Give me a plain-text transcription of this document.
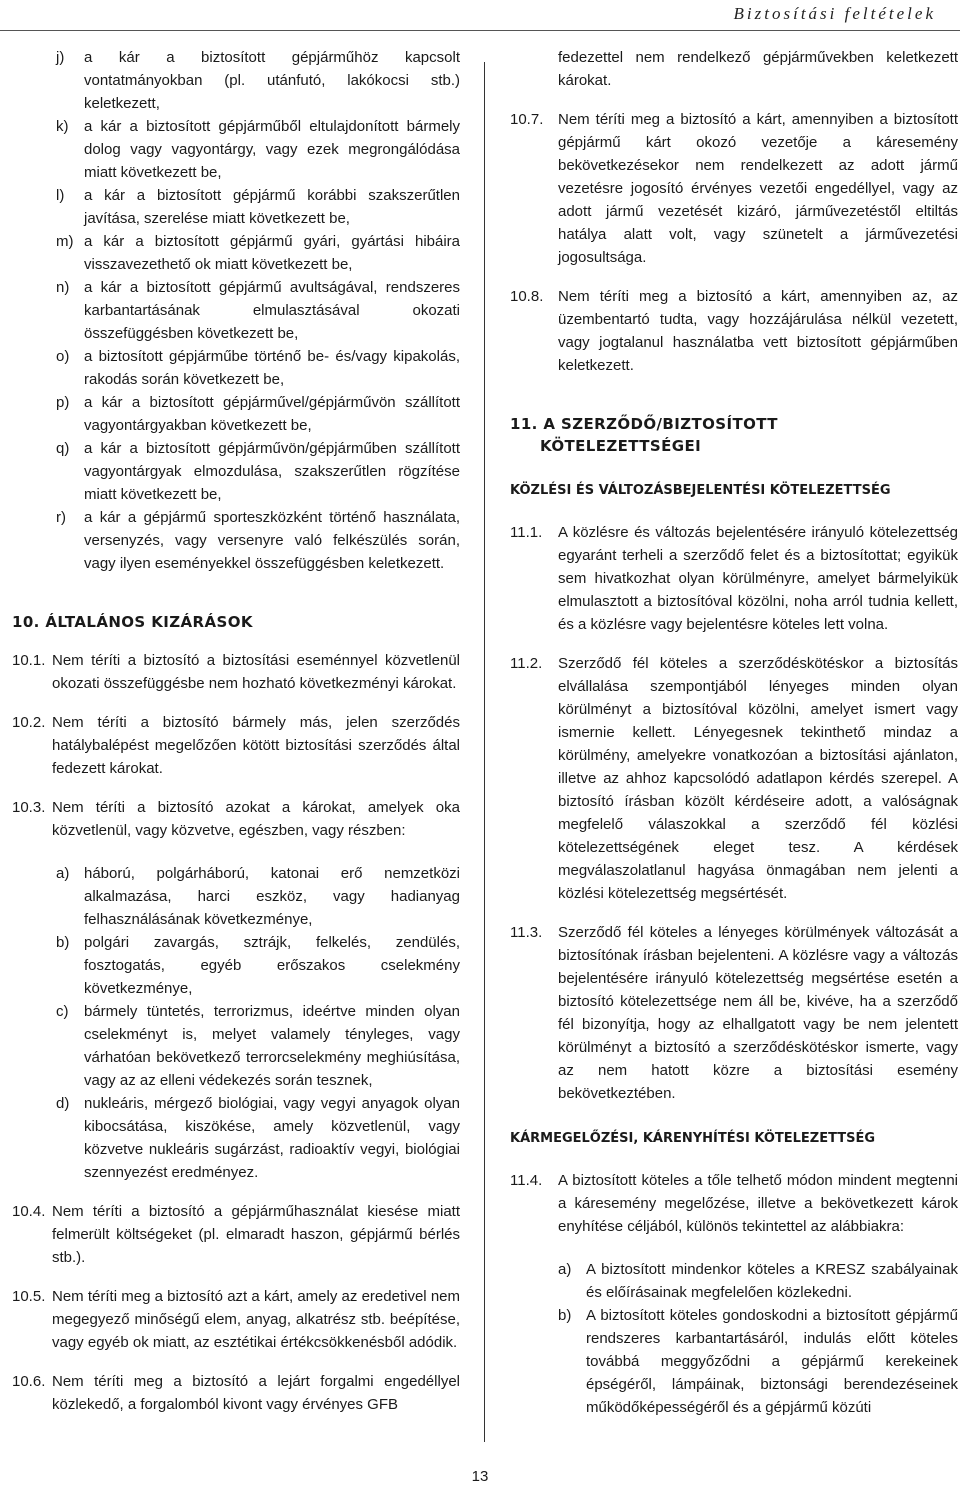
Biztosítási feltételek
j)	a kár a biztosított gépjárműhöz kapcsolt vontatmányokban (pl. utánfutó, lakókocsi stb.) keletkezett,
k)	a kár a biztosított gépjárműből eltulajdonított bármely dolog vagy vagyontárgy, vagy ezek megrongálódása miatt következett be,
l)	a kár a biztosított gépjármű korábbi szakszerűtlen javítása, szerelése miatt következett be,
m) a kár a biztosított gépjármű gyári, gyártási hibáira visszavezethető ok miatt következett be,
n) a kár a biztosított gépjármű avultságával, rendszeres karbantartásának elmulasztásával okozati összefüggésben következett be,
o) a biztosított gépjárműbe történő be- és/vagy kipakolás, rakodás során következett be,
p) a kár a biztosított gépjárművel/gépjárművön szállított vagyontárgyakban következett be,
q) a kár a biztosított gépjárművön/gépjárműben szállított vagyontárgyak elmozdulása, szakszerűtlen rögzítése miatt következett be,
r)	a kár a gépjármű sporteszközként történő használata, versenyzés, vagy versenyre való felkészülés során, vagy ilyen eseményekkel összefüggésben keletkezett.
10. ÁLTALÁNOS KIZÁRÁSOK
10.1. Nem téríti a biztosító a biztosítási eseménnyel közvetlenül okozati összefüggésbe nem hozható következményi károkat.
10.2. Nem téríti a biztosító bármely más, jelen szerződés hatálybalépést megelőzően kötött biztosítási szerződés által fedezett károkat.
10.3. Nem téríti a biztosító azokat a károkat, amelyek oka közvetlenül, vagy közvetve, egészben, vagy részben:
a) háború, polgárháború, katonai erő nemzetközi alkalmazása, harci eszköz, vagy hadianyag felhasználásának következménye,
b) polgári zavargás, sztrájk, felkelés, zendülés, fosztogatás, egyéb erőszakos cselekmény következménye,
c)	bármely tüntetés, terrorizmus, ideértve minden olyan cselekményt is, melyet valamely tényleges, vagy várhatóan bekövetkező terrorcselekmény meghiúsítása, vagy az az elleni védekezés során tesznek,
d) nukleáris, mérgező biológiai, vagy vegyi anyagok olyan kibocsátása, kiszökése, amely közvetlenül, vagy közvetve nukleáris sugárzást, radioaktív vegyi, biológiai szennyezést eredményez.
10.4. Nem téríti a biztosító a gépjárműhasználat kiesése miatt felmerült költségeket (pl. elmaradt haszon, gépjármű bérlés stb.).
10.5. Nem téríti meg a biztosító azt a kárt, amely az eredetivel nem megegyező minőségű elem, anyag, alkatrész stb. beépítése, vagy egyéb ok miatt, az esztétikai értékcsökkenésből adódik.
10.6. Nem téríti meg a biztosító a lejárt forgalmi engedéllyel közlekedő, a forgalomból kivont vagy érvényes GFB
fedezettel nem rendelkező gépjárművekben keletkezett károkat.
10.7. Nem téríti meg a biztosító a kárt, amennyiben a biztosított gépjármű kárt okozó vezetője a káresemény bekövetkezésekor nem rendelkezett az adott jármű vezetésre jogosító érvényes vezetői engedéllyel, vagy az adott jármű vezetését kizáró, járművezetéstől eltiltás hatálya alatt volt, vagy szünetelt a járművezetési jogosultsága.
10.8. Nem téríti meg a biztosító a kárt, amennyiben az, az üzembentartó tudta, vagy hozzájárulása nélkül vezetett, vagy jogtalanul használatba vett biztosított gépjárműben keletkezett.
11. A SZERZŐDŐ/BIZTOSÍTOTT
KÖTELEZETTSÉGEI
KÖZLÉSI ÉS VÁLTOZÁSBEJELENTÉSI KÖTELEZETTSÉG
11.1.	A közlésre és változás bejelentésére irányuló kötelezettség egyaránt terheli a szerződő felet és a biztosítottat; egyikük sem hivatkozhat olyan körülményre, amelyet bármelyikük elmulasztott a biztosítóval közölni, noha arról tudnia kellett, és a közlésre vagy bejelentésre köteles lett volna.
11.2.	Szerződő fél köteles a szerződéskötéskor a biztosítás elvállalása szempontjából lényeges minden olyan körülményt a biztosítóval közölni, amelyet ismert vagy ismernie kellett. Lényegesnek tekinthető mindaz a körülmény, amelyekre vonatkozóan a biztosítási ajánlaton, illetve az ahhoz kapcsolódó adatlapon kérdés szerepel. A biztosító írásban közölt kérdéseire adott, a valóságnak megfelelő válaszokkal a szerződő fél közlési kötelezettségének eleget tesz. A kérdések megválaszolatlanul hagyása önmagában nem jelenti a közlési kötelezettség megsértését.
11.3.	Szerződő fél köteles a lényeges körülmények változását a biztosítónak írásban bejelenteni. A közlésre vagy a változás bejelentésére irányuló kötelezettség megsértése esetén a biztosító kötelezettsége nem áll be, kivéve, ha a szerződő fél bizonyítja, hogy az elhallgatott vagy be nem jelentett körülményt a biztosító a szerződéskötéskor ismerte, vagy az nem hatott közre a biztosítási esemény bekövetkeztében.
KÁRMEGELŐZÉSI, KÁRENYHÍTÉSI KÖTELEZETTSÉG
11.4.	A biztosított köteles a tőle telhető módon mindent megtenni a káresemény megelőzése, illetve a bekövetkezett károk enyhítése céljából, különös tekintettel az alábbiakra:
a) A biztosított mindenkor köteles a KRESZ szabályainak és előírásainak megfelelően közlekedni.
b) A biztosított köteles gondoskodni a biztosított gépjármű rendszeres karbantartásáról, indulás előtt köteles továbbá meggyőződni a gépjármű kerekeinek épségéről, lámpáinak, biztonsági berendezéseinek működőképességéről és a gépjármű közúti
13
